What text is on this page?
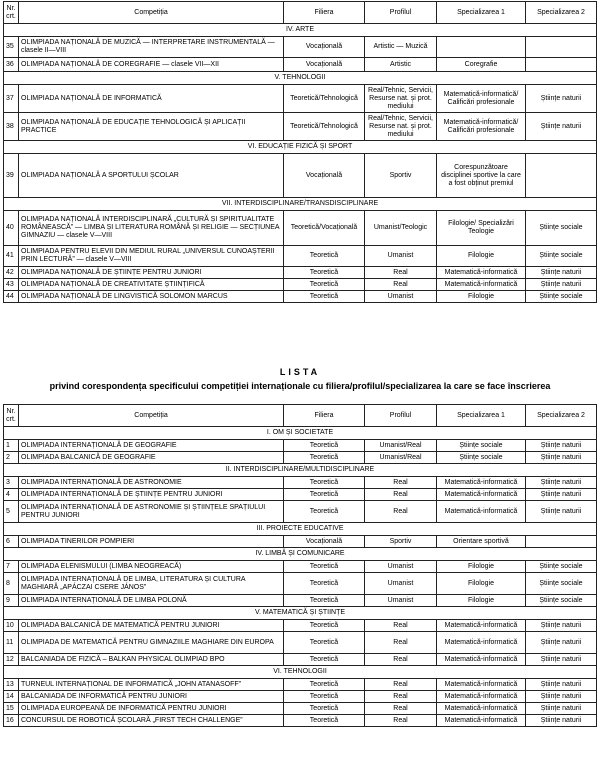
Nr. crt.	Competiția	Filiera	Profilul	Specializarea 1	Specializarea 2
IV. ARTE					
35	OLIMPIADA NAȚIONALĂ DE MUZICĂ — INTERPRETARE INSTRUMENTALĂ — clasele II—VIII	Vocațională	Artistic — Muzică		
36	OLIMPIADA NAȚIONALĂ DE COREGRAFIE — clasele VII—XII	Vocațională	Artistic	Coregrafie	
V. TEHNOLOGII					
37	OLIMPIADA NAȚIONALĂ DE INFORMATICĂ	Teoretică/Tehnologică	Real/Tehnic, Servicii, Resurse nat. și prot. mediului	Matematică-informatică/ Calificări profesionale	Științe naturii
38	OLIMPIADA NAȚIONALĂ DE EDUCAȚIE TEHNOLOGICĂ ȘI APLICAȚII PRACTICE	Teoretică/Tehnologică	Real/Tehnic, Servicii, Resurse nat. și prot. mediului	Matematică-informatică/ Calificări profesionale	Științe naturii
VI. EDUCAȚIE FIZICĂ ȘI SPORT					
39	OLIMPIADA NAȚIONALĂ A SPORTULUI ȘCOLAR	Vocațională	Sportiv	Corespunzătoare disciplinei sportive la care a fost obținut premiul	
VII. INTERDISCIPLINARE/TRANSDISCIPLINARE					
40	OLIMPIADA NAȚIONALĂ INTERDISCIPLINARĂ „CULTURĂ ȘI SPIRITUALITATE ROMÂNEASCĂ” — LIMBA ȘI LITERATURA ROMÂNĂ ȘI RELIGIE — SECȚIUNEA GIMNAZIU — clasele V—VIII	Teoretică/Vocațională	Umanist/Teologic	Filologie/ Specializări Teologie	Științe sociale
41	OLIMPIADA PENTRU ELEVII DIN MEDIUL RURAL „UNIVERSUL CUNOAȘTERII PRIN LECTURĂ” — clasele V—VIII	Teoretică	Umanist	Filologie	Științe sociale
42	OLIMPIADA NAȚIONALĂ DE ȘTIINȚE PENTRU JUNIORI	Teoretică	Real	Matematică-informatică	Științe naturii
43	OLIMPIADA NAȚIONALĂ DE CREATIVITATE ȘTIINȚIFICĂ	Teoretică	Real	Matematică-informatică	Științe naturii
44	OLIMPIADA NAȚIONALĂ DE LINGVISTICĂ SOLOMON MARCUS	Teoretică	Umanist	Filologie	Științe sociale
LISTA
privind corespondența specificului competiției internaționale cu filiera/profilul/specializarea la care se face înscrierea
Nr. crt.	Competiția	Filiera	Profilul	Specializarea 1	Specializarea 2
I. OM ȘI SOCIETATE					
1	OLIMPIADA INTERNAȚIONALĂ DE GEOGRAFIE	Teoretică	Umanist/Real	Științe sociale	Științe naturii
2	OLIMPIADA BALCANICĂ DE GEOGRAFIE	Teoretică	Umanist/Real	Științe sociale	Științe naturii
II. INTERDISCIPLINARE/MULTIDISCIPLINARE					
3	OLIMPIADA INTERNAȚIONALĂ DE ASTRONOMIE	Teoretică	Real	Matematică-informatică	Științe naturii
4	OLIMPIADA INTERNAȚIONALĂ DE ȘTIINȚE PENTRU JUNIORI	Teoretică	Real	Matematică-informatică	Științe naturii
5	OLIMPIADA INTERNAȚIONALĂ DE ASTRONOMIE ȘI ȘTIINȚELE SPAȚIULUI PENTRU JUNIORI	Teoretică	Real	Matematică-informatică	Științe naturii
III. PROIECTE EDUCATIVE					
6	OLIMPIADA TINERILOR POMPIERI	Vocațională	Sportiv	Orientare sportivă	
IV. LIMBĂ ȘI COMUNICARE					
7	OLIMPIADA ELENISMULUI (LIMBA NEOGREACĂ)	Teoretică	Umanist	Filologie	Științe sociale
8	OLIMPIADA INTERNAȚIONALĂ DE LIMBA, LITERATURA ȘI CULTURA MAGHIARĂ „APÁCZAI CSERE JÁNOS”	Teoretică	Umanist	Filologie	Științe sociale
9	OLIMPIADA INTERNAȚIONALĂ DE LIMBA POLONĂ	Teoretică	Umanist	Filologie	Științe sociale
V. MATEMATICĂ ȘI ȘTIINȚE					
10	OLIMPIADA BALCANICĂ DE MATEMATICĂ PENTRU JUNIORI	Teoretică	Real	Matematică-informatică	Științe naturii
11	OLIMPIADA DE MATEMATICĂ PENTRU GIMNAZIILE MAGHIARE DIN EUROPA	Teoretică	Real	Matematică-informatică	Științe naturii
12	BALCANIADA DE FIZICĂ – BALKAN PHYSICAL OLIMPIAD BPO	Teoretică	Real	Matematică-informatică	Științe naturii
VI. TEHNOLOGII					
13	TURNEUL INTERNAȚIONAL DE INFORMATICĂ „JOHN ATANASOFF”	Teoretică	Real	Matematică-informatică	Științe naturii
14	BALCANIADA DE INFORMATICĂ PENTRU JUNIORI	Teoretică	Real	Matematică-informatică	Științe naturii
15	OLIMPIADA EUROPEANĂ DE INFORMATICĂ PENTRU JUNIORI	Teoretică	Real	Matematică-informatică	Științe naturii
16	CONCURSUL DE ROBOTICĂ ȘCOLARĂ „FIRST TECH CHALLENGE”	Teoretică	Real	Matematică-informatică	Științe naturii
